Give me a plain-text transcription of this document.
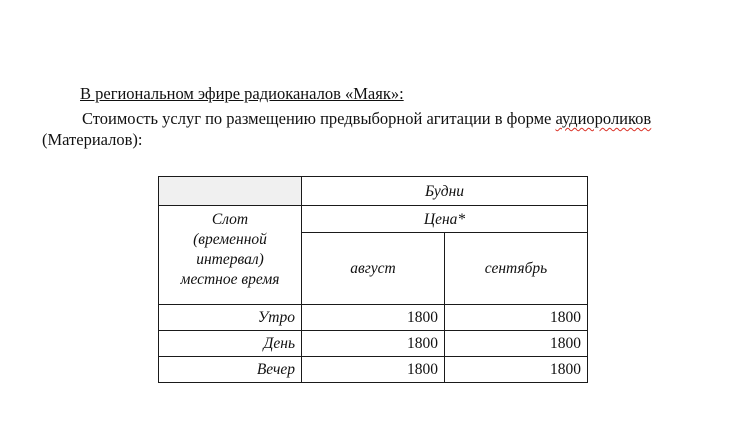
В региональном эфире радиоканалов «Маяк»:
Стоимость услуг по размещению предвыборной агитации в форме аудиороликов
(Материалов):
	Будни	

Слот
(временной
интервал)
местное время	Цена*	
	август	сентябрь
Утро	1800	1800
День	1800	1800
Вечер	1800	1800
